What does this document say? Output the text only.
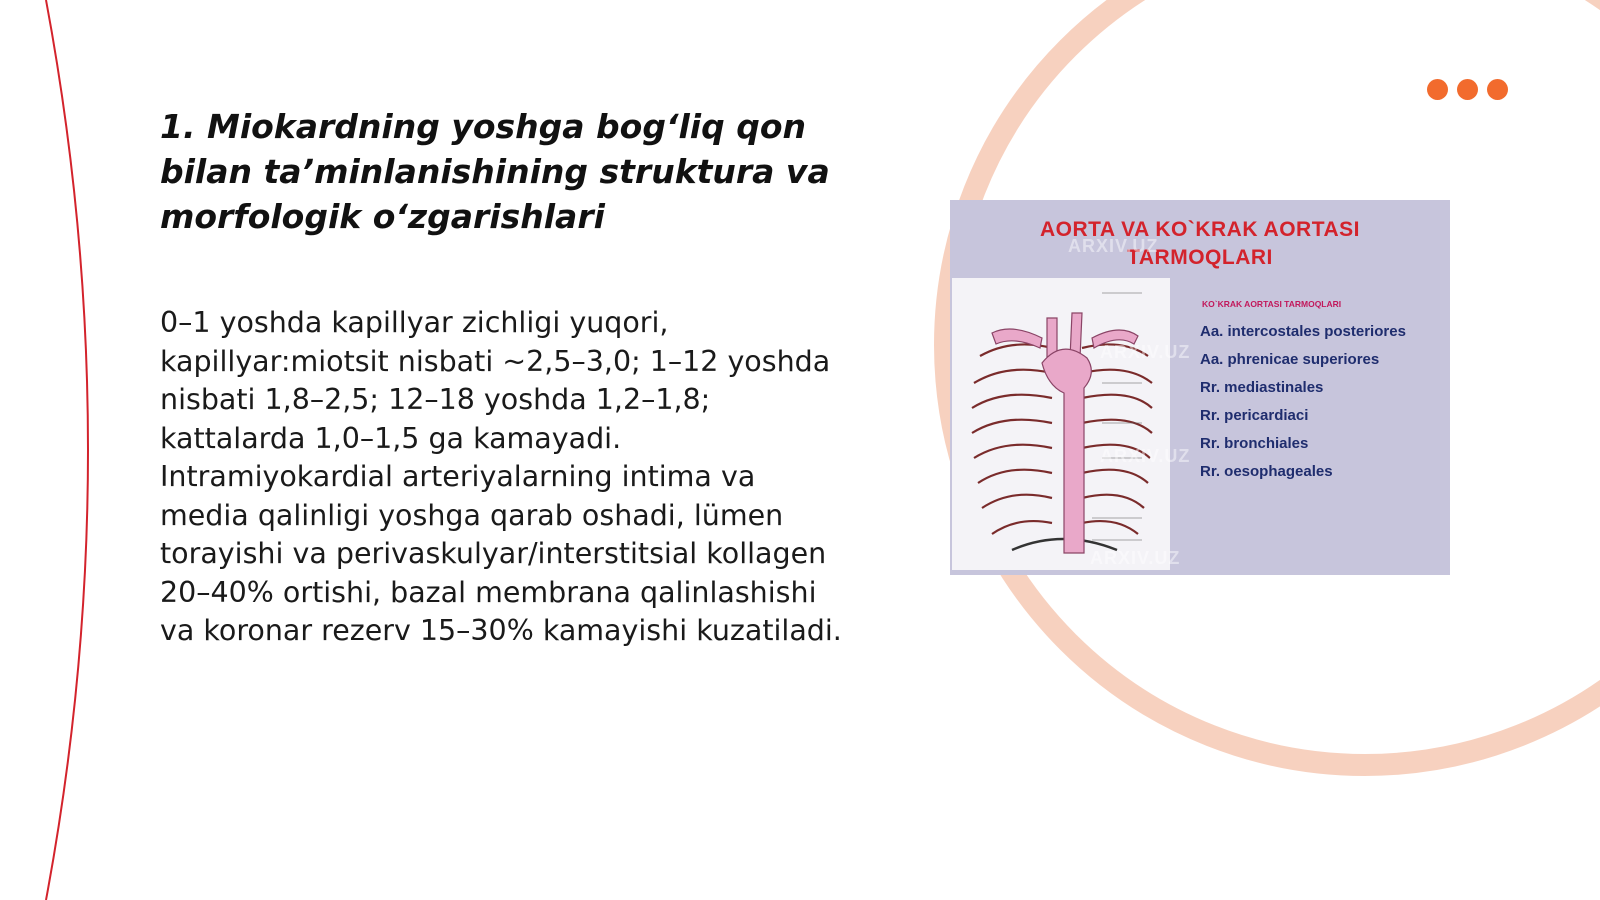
1. Miokardning yoshga bog‘liq qon bilan ta’minlanishining struktura va morfologik o‘zgarishlari

0–1 yoshda kapillyar zichligi yuqori, kapillyar:miotsit nisbati ~2,5–3,0; 1–12 yoshda nisbati 1,8–2,5; 12–18 yoshda 1,2–1,8; kattalarda 1,0–1,5 ga kamayadi. Intramiyokardial arteriyalarning intima va media qalinligi yoshga qarab oshadi, lümen torayishi va perivaskulyar/interstitsial kollagen 20–40% ortishi, bazal membrana qalinlashishi va koronar rezerv 15–30% kamayishi kuzatiladi.

AORTA VA KO`KRAK AORTASI
TARMOQLARI
ARXIV.UZ
ARXIV.UZ
ARXIV.UZ
ARXIV.UZ

KO`KRAK AORTASI TARMOQLARI

Aa. intercostales posteriores
Aa. phrenicae superiores
Rr. mediastinales
Rr. pericardiaci
Rr. bronchiales
Rr. oesophageales
